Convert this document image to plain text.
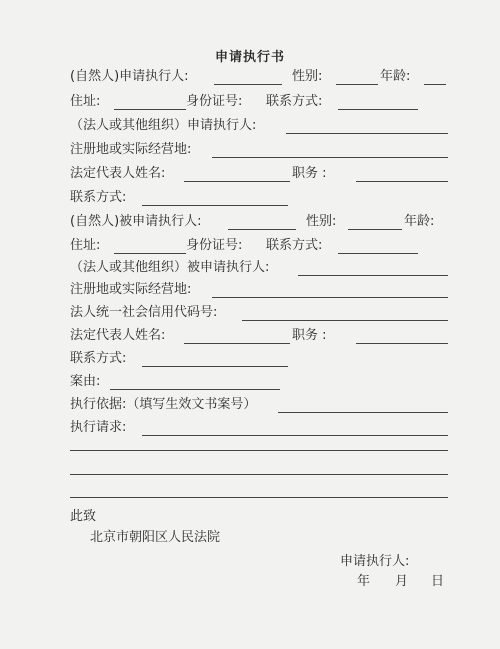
申请执行书
(自然人)申请执行人:	性别:	年龄:
住址:	身份证号: 联系方式:
（法人或其他组织）申请执行人:
注册地或实际经营地:
法定代表人姓名:	职务 :
联系方式:
(自然人)被申请执行人:	性别:	年龄:
住址:	身份证号: 联系方式:
（法人或其他组织）被申请执行人:
注册地或实际经营地:
法人统一社会信用代码号:
法定代表人姓名:	职务 :
联系方式:
案由:
执行依据:（填写生效文书案号）
执行请求:
此致
北京市朝阳区人民法院
申请执行人:
年 月 日
